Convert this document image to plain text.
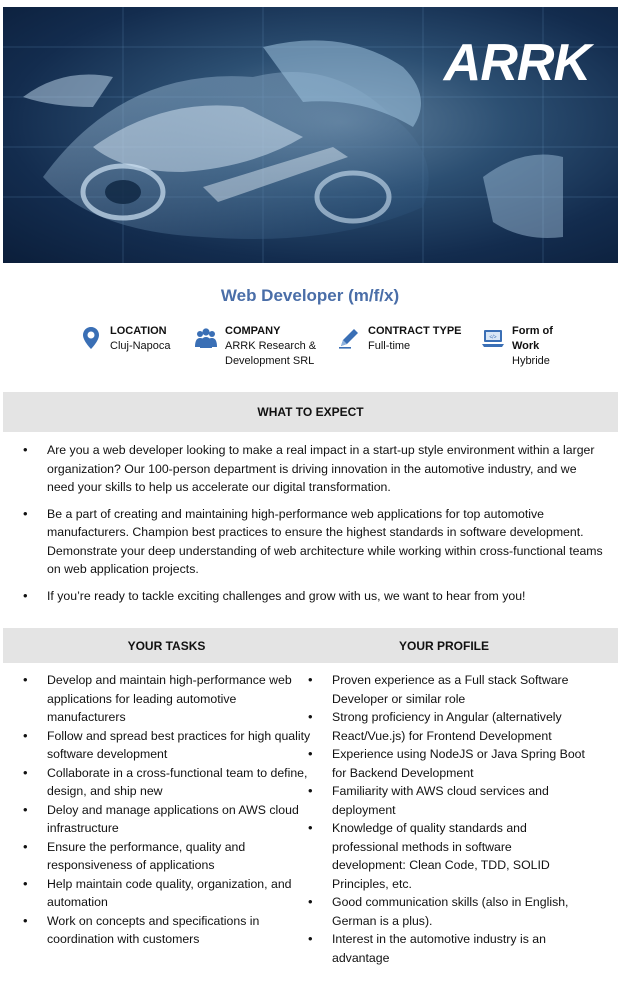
ARRK
Web Developer (m/f/x)
LOCATION
Cluj-Napoca
COMPANY
ARRK Research & Development SRL
CONTRACT TYPE
Full-time
</>
Form of Work
Hybride
WHAT TO EXPECT
• Are you a web developer looking to make a real impact in a start-up style environment within a larger organization? Our 100-person department is driving innovation in the automotive industry, and we need your skills to help us accelerate our digital transformation.
• Be a part of creating and maintaining high-performance web applications for top automotive manufacturers. Champion best practices to ensure the highest standards in software development. Demonstrate your deep understanding of web architecture while working within cross-functional teams on web application projects.
• If you’re ready to tackle exciting challenges and grow with us, we want to hear from you!
YOUR TASKS	YOUR PROFILE
• Develop and maintain high-performance web applications for leading automotive manufacturers
• Follow and spread best practices for high quality software development
• Collaborate in a cross-functional team to define, design, and ship new
• Deloy and manage applications on AWS cloud infrastructure
• Ensure the performance, quality and responsiveness of applications
• Help maintain code quality, organization, and automation
• Work on concepts and specifications in coordination with customers
• Proven experience as a Full stack Software Developer or similar role
• Strong proficiency in Angular (alternatively React/Vue.js) for Frontend Development
• Experience using NodeJS or Java Spring Boot for Backend Development
• Familiarity with AWS cloud services and deployment
• Knowledge of quality standards and professional methods in software development: Clean Code, TDD, SOLID Principles, etc.
• Good communication skills (also in English, German is a plus).
• Interest in the automotive industry is an advantage
